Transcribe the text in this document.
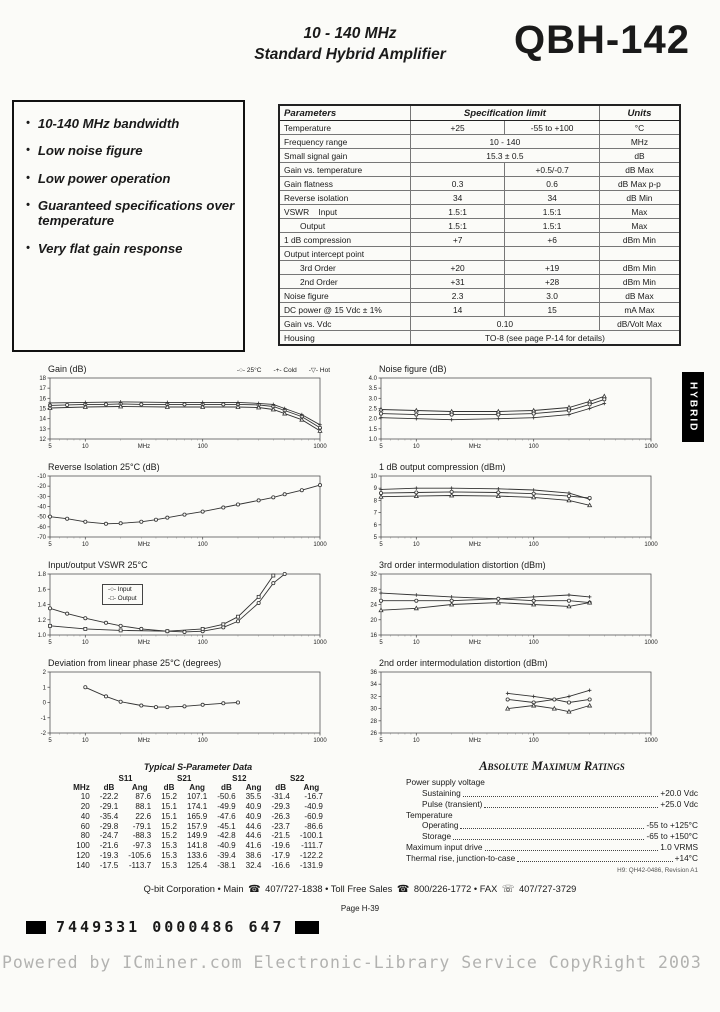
10 - 140 MHz
Standard Hybrid Amplifier	QBH-142
• 10-140 MHz bandwidth
• Low noise figure
• Low power operation
• Guaranteed specifications over temperature
• Very flat gain response
Parameters	Specification limit		Units
Temperature	+25	-55 to +100	°C
Frequency range	10 - 140		MHz
Small signal gain	15.3 ± 0.5		dB
Gain vs. temperature		+0.5/-0.7	dB Max
Gain flatness	0.3	0.6	dB Max p-p
Reverse isolation	34	34	dB Min
VSWR    Input	1.5:1	1.5:1	Max
Output	1.5:1	1.5:1	Max
1 dB compression	+7	+6	dBm Min
Output intercept point			
3rd Order	+20	+19	dBm Min
2nd Order	+31	+28	dBm Min
Noise figure	2.3	3.0	dB Max
DC power @ 15 Vdc ± 1%	14	15	mA Max
Gain vs. Vdc	0.10		dB/Volt Max
Housing	TO-8 (see page P-14 for details)		
HYBRID
Gain (dB)	-○- 25°C -+- Cold -▽- Hot
12
13
14
15
16
17
18
5	10	100	1000
MHz
Noise figure (dB)
1.0
1.5
2.0
2.5
3.0
3.5
4.0
5	10	100	1000
MHz
Reverse Isolation 25°C (dB)
-10
-20
-30
-40
-50
-60
-70
5	10	100	1000
MHz
1 dB output compression (dBm)
5
6
7
8
9
10
5	10	100	1000
MHz
Input/output VSWR 25°C
1.0
1.2
1.4
1.6
1.8
5	10	100	1000
MHz
-○- Input
-□- Output
3rd order intermodulation distortion (dBm)
16
20
24
28
32
5	10	100	1000
MHz
Deviation from linear phase 25°C (degrees)
-2
-1
0
1
2
5	10	100	1000
MHz
2nd order intermodulation distortion (dBm)
26
28
30
32
34
36
5	10	100	1000
MHz
Typical S-Parameter Data
	S11		S21		S12		S22	
MHz	dB	Ang	dB	Ang	dB	Ang	dB	Ang
10	-22.2	87.6	15.2	107.1	-50.6	35.5	-31.4	-16.7
20	-29.1	88.1	15.1	174.1	-49.9	40.9	-29.3	-40.9
40	-35.4	22.6	15.1	165.9	-47.6	40.9	-26.3	-60.9
60	-29.8	-79.1	15.2	157.9	-45.1	44.6	-23.7	-86.6
80	-24.7	-88.3	15.2	149.9	-42.8	44.6	-21.5	-100.1
100	-21.6	-97.3	15.3	141.8	-40.9	41.6	-19.6	-111.7
120	-19.3	-105.6	15.3	133.6	-39.4	38.6	-17.9	-122.2
140	-17.5	-113.7	15.3	125.4	-38.1	32.4	-16.6	-131.9
Absolute Maximum Ratings
Power supply voltage
Sustaining	+20.0 Vdc
Pulse (transient)	+25.0 Vdc
Temperature
Operating	-55 to +125°C
Storage	-65 to +150°C
Maximum input drive	1.0 VRMS
Thermal rise, junction-to-case	+14°C
H9: QH42-0486, Revision A1
Q-bit Corporation • Main ☎ 407/727-1838 • Toll Free Sales ☎ 800/226-1772 • FAX ☏ 407/727-3729
Page H-39
7449331 0000486 647
Powered by ICminer.com Electronic-Library Service CopyRight 2003
